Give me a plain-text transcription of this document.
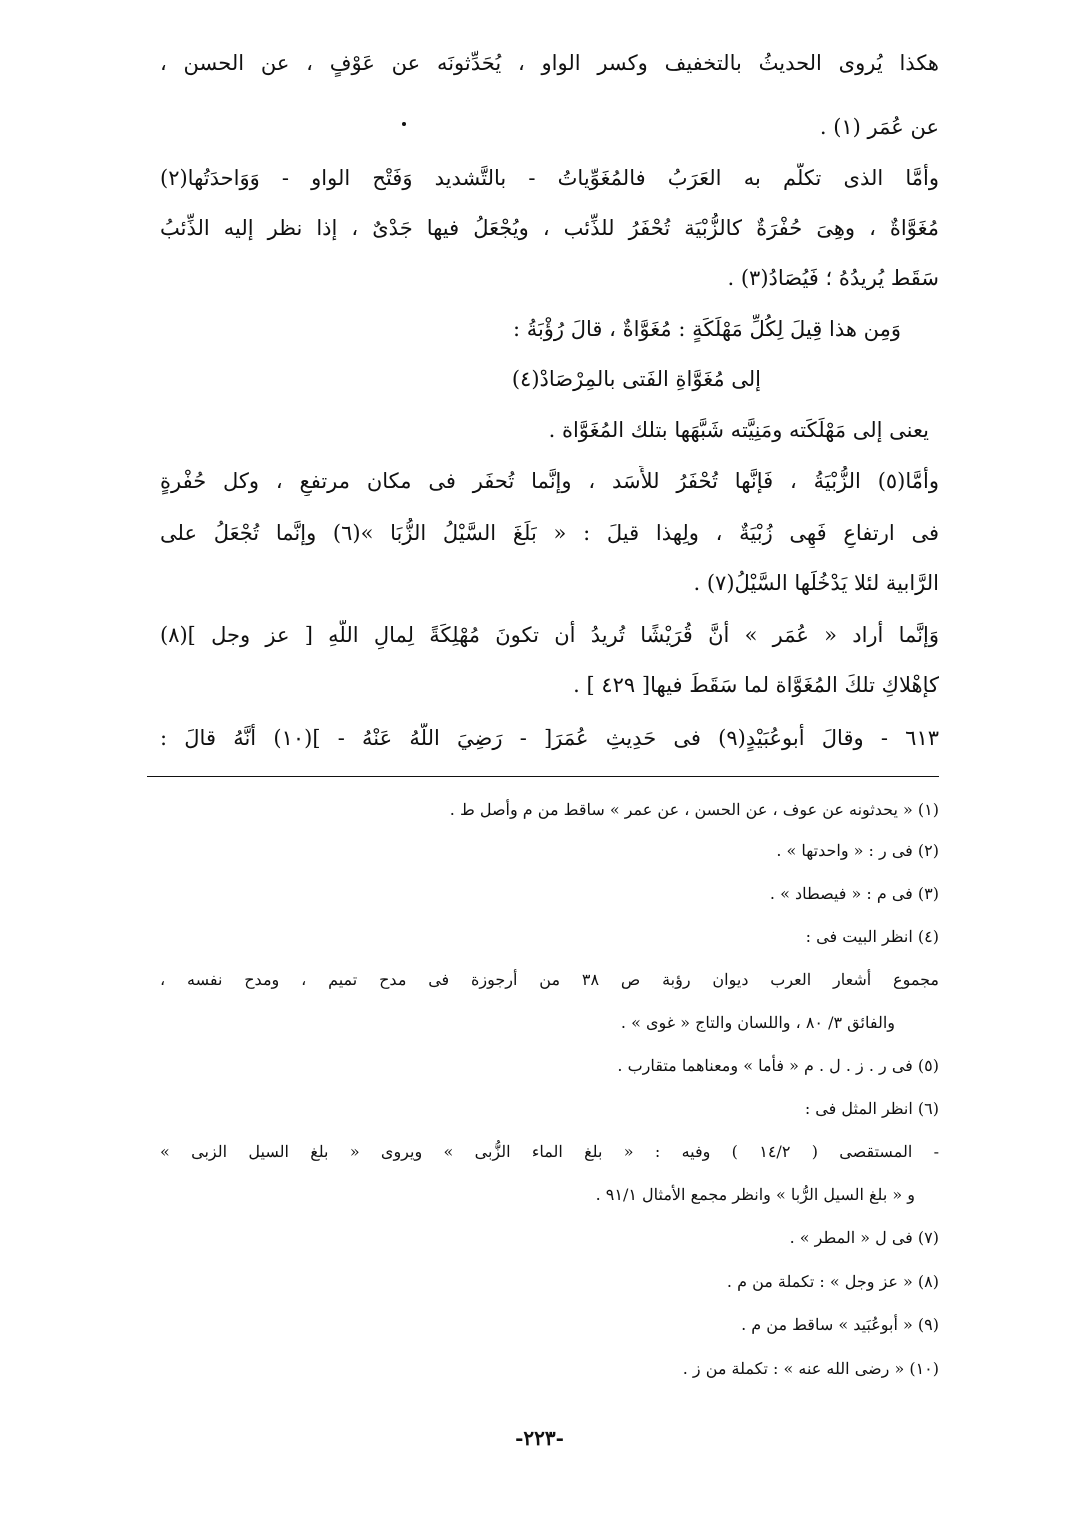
هكذا يُروى الحديثُ بالتخفيف وكسر الواو ، يُحَدِّثونَه عن عَوْفٍ ، عن الحسن ،
عن عُمَر (١) .
وأمَّا الذى تكلَّم به العَرَبُ فالمُغَوِّياتُ - بالتَّشديد وَفَتْح الواو - وَوَاحدَتُها(٢)
مُغَوَّاةٌ ، وهِىَ حُفْرَةٌ كالزُّبْيَة تُحْفَرُ للذِّئب ، ويُجْعَلُ فيها جَدْىٌ ، إذا نظر إليه الذِّئبُ
سَقَط يُريدُهُ ؛ فَيُصَادُ(٣) .
وَمِن هذا قِيلَ لِكُلِّ مَهْلَكَةٍ : مُغَوَّاةٌ ، قالَ رُؤْبَةُ :
إلى مُغَوَّاةِ الفَتى بالمِرْصَادْ(٤)
يعنى إلى مَهْلَكَته ومَنِيَّته شَبَّهَها بتلك المُغَوَّاة .
وأمَّا(٥) الزُّبْيَةُ ، فَإنَّها تُحْفَرُ للأَسَد ، وإنَّما تُحفَر فى مكان مرتفعٍ ، وكل حُفْرةٍ
فى ارتفاعٍ فَهِى زُبْيَةٌ ، ولِهذا قيلَ : « بَلَغَ السَّيْلُ الزُّبَا »(٦) وإنَّما تُجْعَلُ على
الرَّابية لئلا يَدْخُلَها السَّيْلُ(٧) .
وَإنَّما أراد « عُمَر » أنَّ قُرَيْشًا تُريدُ أن تكونَ مُهْلِكَةً لِمالِ اللّهِ [ عز وجل ](٨)
كإهْلاكِ تلكَ المُغَوَّاة لما سَقَطَ فيها[ ٤٢٩ ] .
٦١٣ - وقالَ أبوعُبَيْدٍ(٩) فى حَدِيثِ عُمَرَ[ - رَضِيَ اللّهُ عَنْهُ - ](١٠) أنَّهُ قالَ :
(١) « يحدثونه عن عوف ، عن الحسن ، عن عمر » ساقط من م وأصل ط .
(٢) فى ر : « واحدتها » .
(٣) فى م : « فيصطاد » .
(٤) انظر البيت فى :
مجموع أشعار العرب ديوان رؤبة ص ٣٨ من أرجوزة فى مدح تميم ، ومدح نفسه ،
والفائق ٣/ ٨٠ ، واللسان والتاج « غوى » .
(٥) فى ر . ز . ل . م « فأما » ومعناهما متقارب .
(٦) انظر المثل فى :
- المستقصى ( ١٤/٢ ) وفيه : « بلغ الماء الزُّبى » ويروى « بلغ السيل الزبى »
و « بلغ السيل الرُّبا » وانظر مجمع الأمثال ٩١/١ .
(٧) فى ل « المطر » .
(٨) « عز وجل » : تكملة من م .
(٩) « أبوعُبَيد » ساقط من م .
(١٠) « رضى الله عنه » : تكملة من ز .
-٢٢٣-
